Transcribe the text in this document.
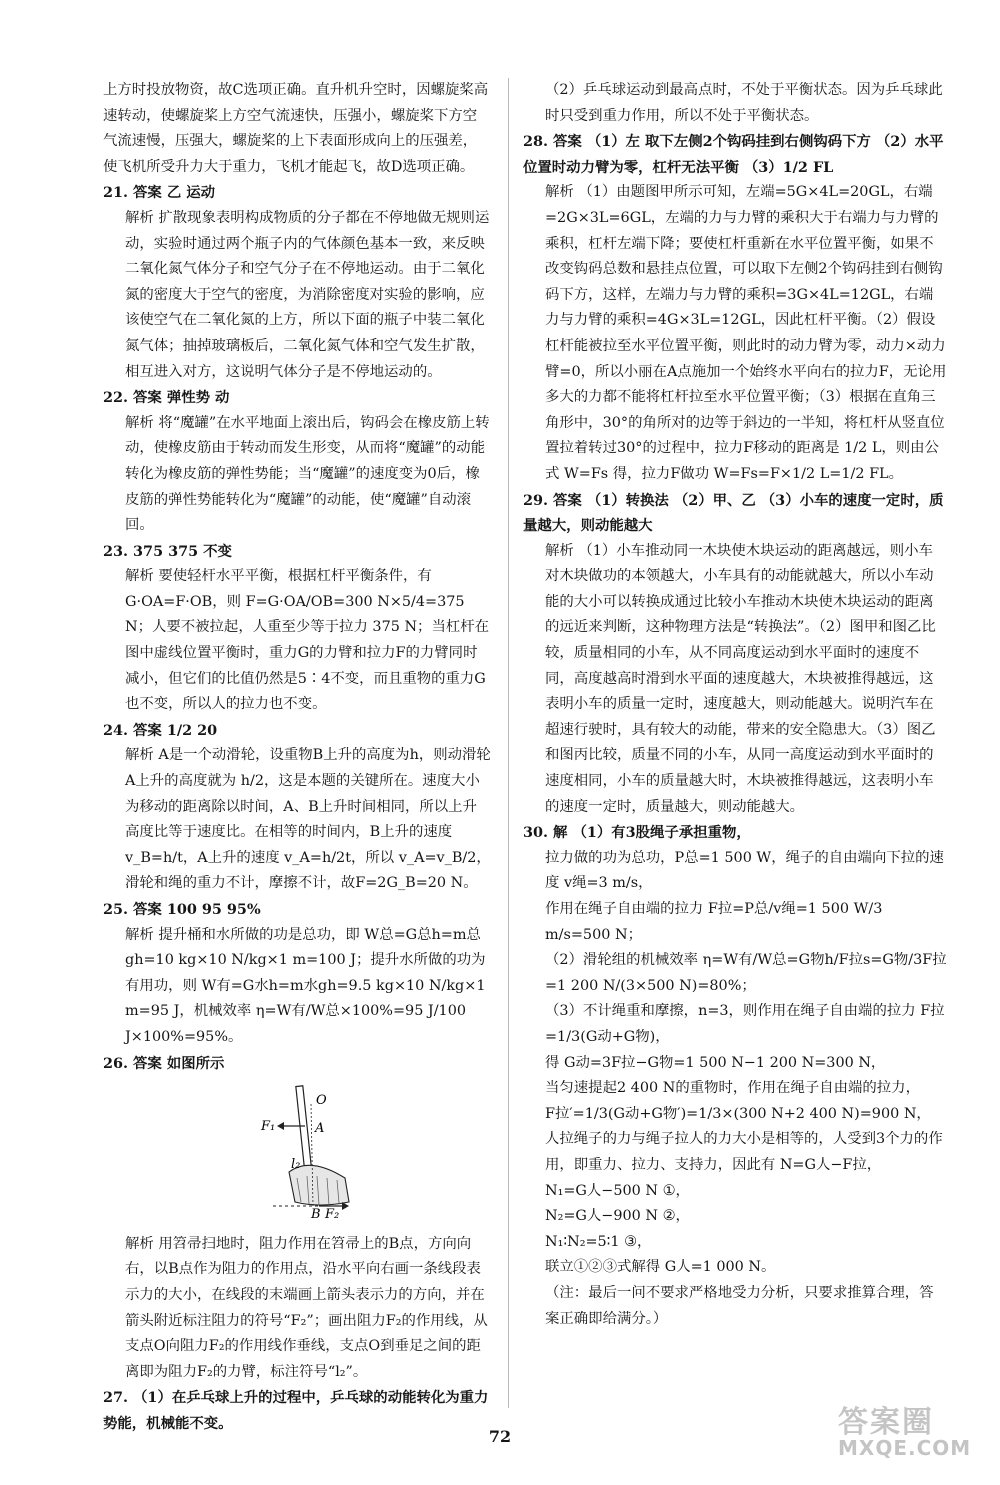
上方时投放物资，故C选项正确。直升机升空时，因螺旋桨高速转动，使螺旋桨上方空气流速快，压强小，螺旋桨下方空气流速慢，压强大，螺旋桨的上下表面形成向上的压强差，使飞机所受升力大于重力，飞机才能起飞，故D选项正确。

21. 答案 乙 运动

解析 扩散现象表明构成物质的分子都在不停地做无规则运动，实验时通过两个瓶子内的气体颜色基本一致，来反映二氧化氮气体分子和空气分子在不停地运动。由于二氧化氮的密度大于空气的密度，为消除密度对实验的影响，应该使空气在二氧化氮的上方，所以下面的瓶子中装二氧化氮气体；抽掉玻璃板后，二氧化氮气体和空气发生扩散，相互进入对方，这说明气体分子是不停地运动的。

22. 答案 弹性势 动

解析 将“魔罐”在水平地面上滚出后，钩码会在橡皮筋上转动，使橡皮筋由于转动而发生形变，从而将“魔罐”的动能转化为橡皮筋的弹性势能；当“魔罐”的速度变为0后，橡皮筋的弹性势能转化为“魔罐”的动能，使“魔罐”自动滚回。

23. 375 375 不变

解析 要使轻杆水平平衡，根据杠杆平衡条件，有G·OA=F·OB，则 F=G·OA/OB=300 N×5/4=375 N；人要不被拉起，人重至少等于拉力 375 N；当杠杆在图中虚线位置平衡时，重力G的力臂和拉力F的力臂同时减小，但它们的比值仍然是5∶4不变，而且重物的重力G也不变，所以人的拉力也不变。

24. 答案 1/2 20

解析 A是一个动滑轮，设重物B上升的高度为h，则动滑轮A上升的高度就为 h/2，这是本题的关键所在。速度大小为移动的距离除以时间，A、B上升时间相同，所以上升高度比等于速度比。在相等的时间内，B上升的速度 v_B=h/t，A上升的速度 v_A=h/2t，所以 v_A=v_B/2，滑轮和绳的重力不计，摩擦不计，故F=2G_B=20 N。

25. 答案 100 95 95%

解析 提升桶和水所做的功是总功，即 W总=G总h=m总gh=10 kg×10 N/kg×1 m=100 J；提升水所做的功为有用功，则 W有=G水h=m水gh=9.5 kg×10 N/kg×1 m=95 J，机械效率 η=W有/W总×100%=95 J/100 J×100%=95%。

26. 答案 如图所示

O
F₁	A
l₂
B F₂

解析 用笤帚扫地时，阻力作用在笤帚上的B点，方向向右，以B点作为阻力的作用点，沿水平向右画一条线段表示力的大小，在线段的末端画上箭头表示力的方向，并在箭头附近标注阻力的符号“F₂”；画出阻力F₂的作用线，从支点O向阻力F₂的作用线作垂线，支点O到垂足之间的距离即为阻力F₂的力臂，标注符号“l₂”。

27. （1）在乒乓球上升的过程中，乒乓球的动能转化为重力势能，机械能不变。

（2）乒乓球运动到最高点时，不处于平衡状态。因为乒乓球此时只受到重力作用，所以不处于平衡状态。

28. 答案 （1）左 取下左侧2个钩码挂到右侧钩码下方 （2）水平位置时动力臂为零，杠杆无法平衡 （3）1/2 FL

解析 （1）由题图甲所示可知，左端=5G×4L=20GL，右端=2G×3L=6GL，左端的力与力臂的乘积大于右端力与力臂的乘积，杠杆左端下降；要使杠杆重新在水平位置平衡，如果不改变钩码总数和悬挂点位置，可以取下左侧2个钩码挂到右侧钩码下方，这样，左端力与力臂的乘积=3G×4L=12GL，右端力与力臂的乘积=4G×3L=12GL，因此杠杆平衡。（2）假设杠杆能被拉至水平位置平衡，则此时的动力臂为零，动力×动力臂=0，所以小丽在A点施加一个始终水平向右的拉力F，无论用多大的力都不能将杠杆拉至水平位置平衡；（3）根据在直角三角形中，30°的角所对的边等于斜边的一半知，将杠杆从竖直位置拉着转过30°的过程中，拉力F移动的距离是 1/2 L，则由公式 W=Fs 得，拉力F做功 W=Fs=F×1/2 L=1/2 FL。

29. 答案 （1）转换法 （2）甲、乙 （3）小车的速度一定时，质量越大，则动能越大

解析 （1）小车推动同一木块使木块运动的距离越远，则小车对木块做功的本领越大，小车具有的动能就越大，所以小车动能的大小可以转换成通过比较小车推动木块使木块运动的距离的远近来判断，这种物理方法是“转换法”。（2）图甲和图乙比较，质量相同的小车，从不同高度运动到水平面时的速度不同，高度越高时滑到水平面的速度越大，木块被推得越远，这表明小车的质量一定时，速度越大，则动能越大。说明汽车在超速行驶时，具有较大的动能，带来的安全隐患大。（3）图乙和图丙比较，质量不同的小车，从同一高度运动到水平面时的速度相同，小车的质量越大时，木块被推得越远，这表明小车的速度一定时，质量越大，则动能越大。

30. 解 （1）有3股绳子承担重物，

拉力做的功为总功，P总=1 500 W，绳子的自由端向下拉的速度 v绳=3 m/s，

作用在绳子自由端的拉力 F拉=P总/v绳=1 500 W/3 m/s=500 N；

（2）滑轮组的机械效率 η=W有/W总=G物h/F拉s=G物/3F拉=1 200 N/(3×500 N)=80%；

（3）不计绳重和摩擦，n=3，则作用在绳子自由端的拉力 F拉=1/3(G动+G物)，

得 G动=3F拉−G物=1 500 N−1 200 N=300 N，

当匀速提起2 400 N的重物时，作用在绳子自由端的拉力，

F拉′=1/3(G动+G物′)=1/3×(300 N+2 400 N)=900 N，

人拉绳子的力与绳子拉人的力大小是相等的，人受到3个力的作用，即重力、拉力、支持力，因此有 N=G人−F拉，

N₁=G人−500 N ①，

N₂=G人−900 N ②，

N₁∶N₂=5∶1 ③，

联立①②③式解得 G人=1 000 N。

（注：最后一问不要求严格地受力分析，只要求推算合理，答案正确即给满分。）

72	答案圈
MXQE.COM
